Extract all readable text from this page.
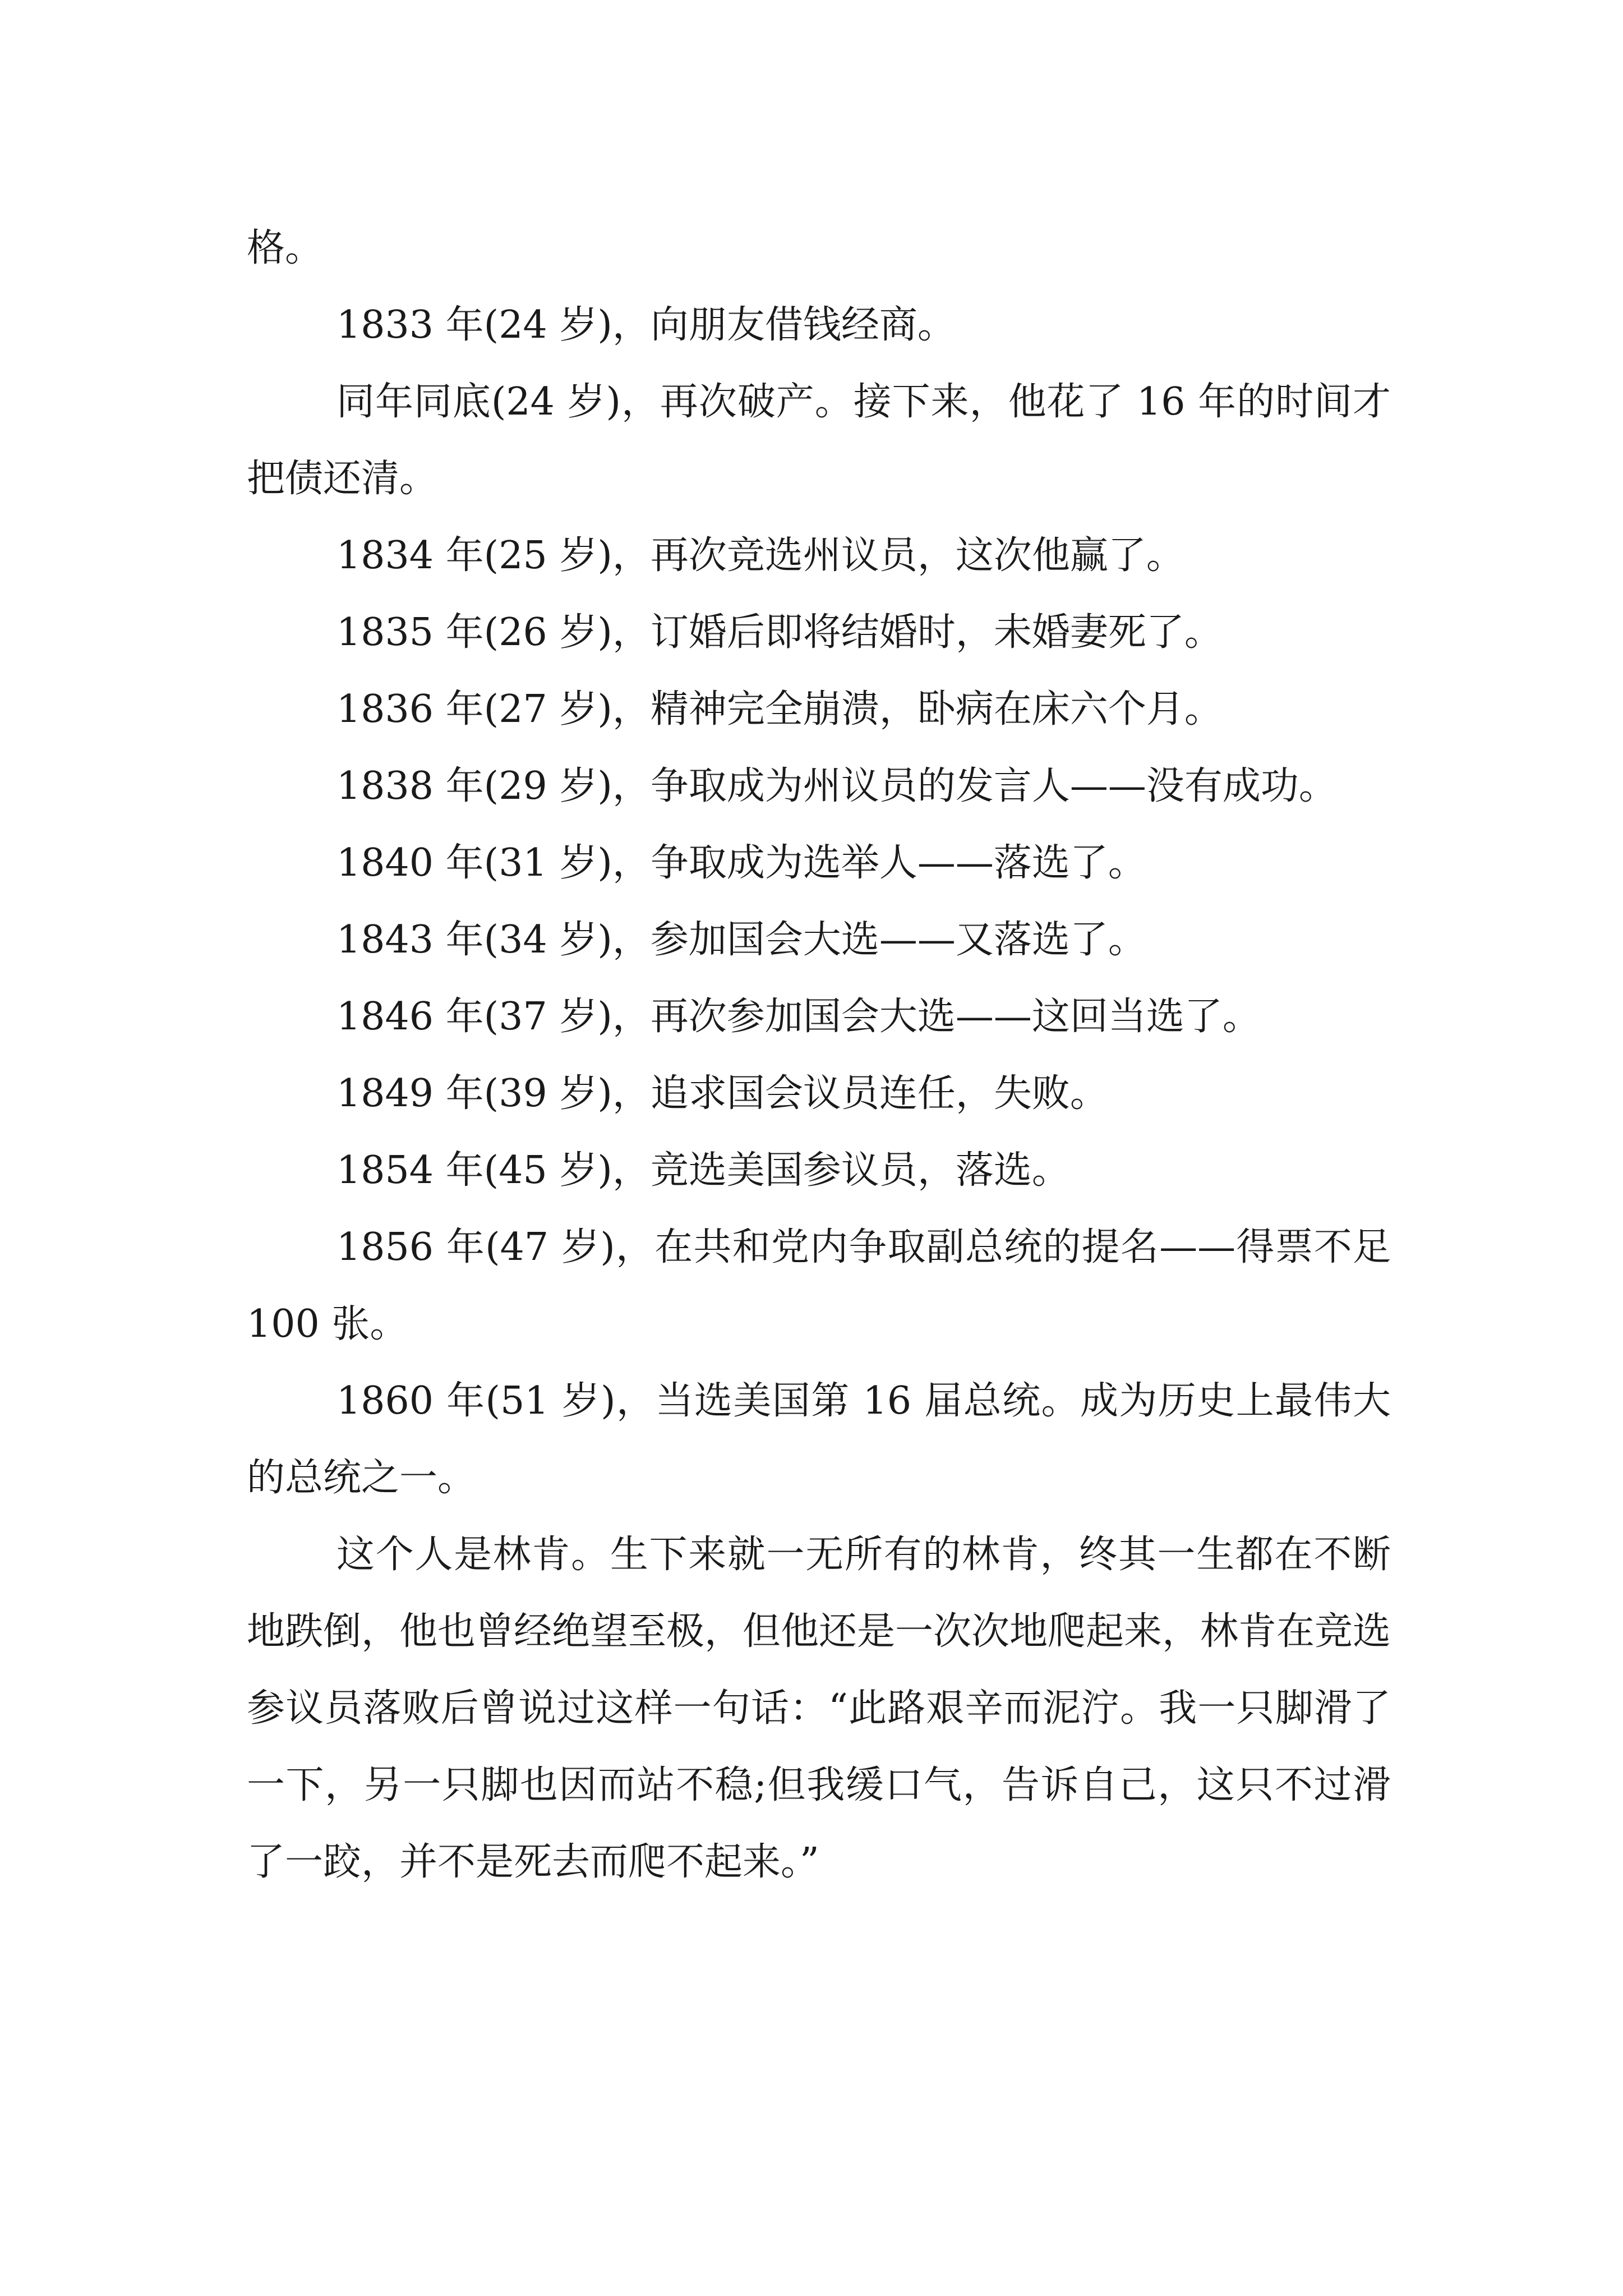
格。

1833 年(24 岁)，向朋友借钱经商。

同年同底(24 岁)，再次破产。接下来，他花了 16 年的时间才把债还清。

1834 年(25 岁)，再次竞选州议员，这次他赢了。

1835 年(26 岁)，订婚后即将结婚时，未婚妻死了。

1836 年(27 岁)，精神完全崩溃，卧病在床六个月。

1838 年(29 岁)，争取成为州议员的发言人——没有成功。

1840 年(31 岁)，争取成为选举人——落选了。

1843 年(34 岁)，参加国会大选——又落选了。

1846 年(37 岁)，再次参加国会大选——这回当选了。

1849 年(39 岁)，追求国会议员连任，失败。

1854 年(45 岁)，竞选美国参议员，落选。

1856 年(47 岁)，在共和党内争取副总统的提名——得票不足 100 张。

1860 年(51 岁)，当选美国第 16 届总统。成为历史上最伟大的总统之一。

这个人是林肯。生下来就一无所有的林肯，终其一生都在不断地跌倒，他也曾经绝望至极，但他还是一次次地爬起来，林肯在竞选参议员落败后曾说过这样一句话：“此路艰辛而泥泞。我一只脚滑了一下，另一只脚也因而站不稳;但我缓口气，告诉自己，这只不过滑了一跤，并不是死去而爬不起来。”
